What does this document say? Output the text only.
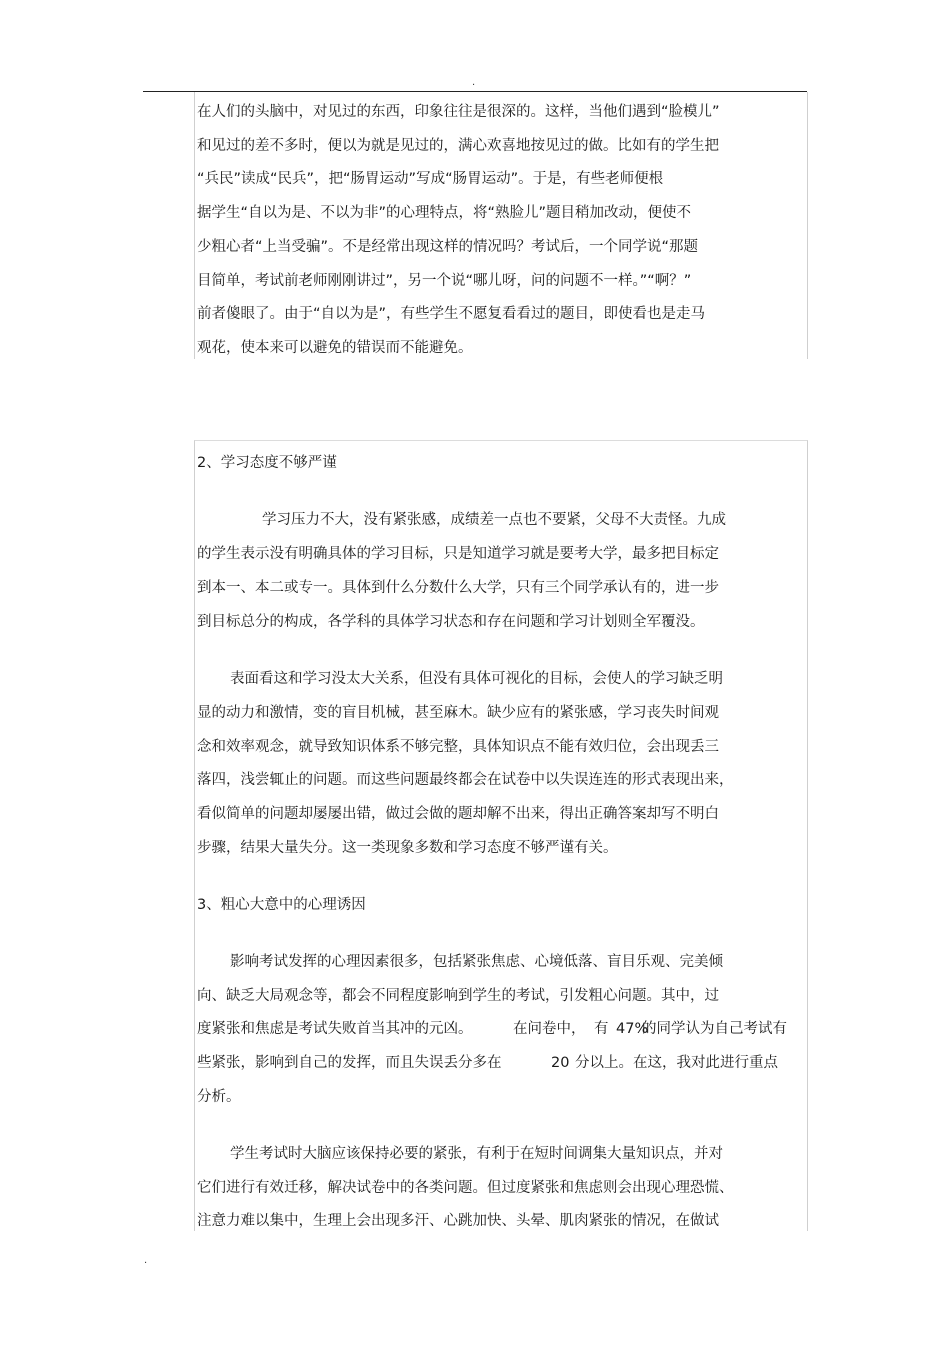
.
在人们的头脑中，对见过的东西，印象往往是很深的。这样，当他们遇到“脸模儿”
和见过的差不多时，便以为就是见过的，满心欢喜地按见过的做。比如有的学生把
“兵民”读成“民兵”，把“肠胃运动”写成“肠胃运动”。于是，有些老师便根
据学生“自以为是、不以为非”的心理特点，将“熟脸儿”题目稍加改动，便使不
少粗心者“上当受骗”。不是经常出现这样的情况吗？考试后，一个同学说“那题
目简单，考试前老师刚刚讲过”，另一个说“哪儿呀，问的问题不一样。”“啊？”
前者傻眼了。由于“自以为是”，有些学生不愿复看看过的题目，即使看也是走马
观花，使本来可以避免的错误而不能避免。
2、学习态度不够严谨
学习压力不大，没有紧张感，成绩差一点也不要紧，父母不大责怪。九成
的学生表示没有明确具体的学习目标，只是知道学习就是要考大学，最多把目标定
到本一、本二或专一。具体到什么分数什么大学，只有三个同学承认有的，进一步
到目标总分的构成，各学科的具体学习状态和存在问题和学习计划则全军覆没。
表面看这和学习没太大关系，但没有具体可视化的目标，会使人的学习缺乏明
显的动力和激情，变的盲目机械，甚至麻木。缺少应有的紧张感，学习丧失时间观
念和效率观念，就导致知识体系不够完整，具体知识点不能有效归位，会出现丢三
落四，浅尝辄止的问题。而这些问题最终都会在试卷中以失误连连的形式表现出来，
看似简单的问题却屡屡出错，做过会做的题却解不出来，得出正确答案却写不明白
步骤，结果大量失分。这一类现象多数和学习态度不够严谨有关。
3、粗心大意中的心理诱因
影响考试发挥的心理因素很多，包括紧张焦虑、心境低落、盲目乐观、完美倾
向、缺乏大局观念等，都会不同程度影响到学生的考试，引发粗心问题。其中，过
度紧张和焦虑是考试失败首当其冲的元凶。	在问卷中， 有 47%
的同学认为自己考试有
些紧张，影响到自己的发挥，而且失误丢分多在	20 分以上。在这，我对此进行重点
分析。
学生考试时大脑应该保持必要的紧张，有利于在短时间调集大量知识点，并对
它们进行有效迁移，解决试卷中的各类问题。但过度紧张和焦虑则会出现心理恐慌、
注意力难以集中，生理上会出现多汗、心跳加快、头晕、肌肉紧张的情况，在做试
.
